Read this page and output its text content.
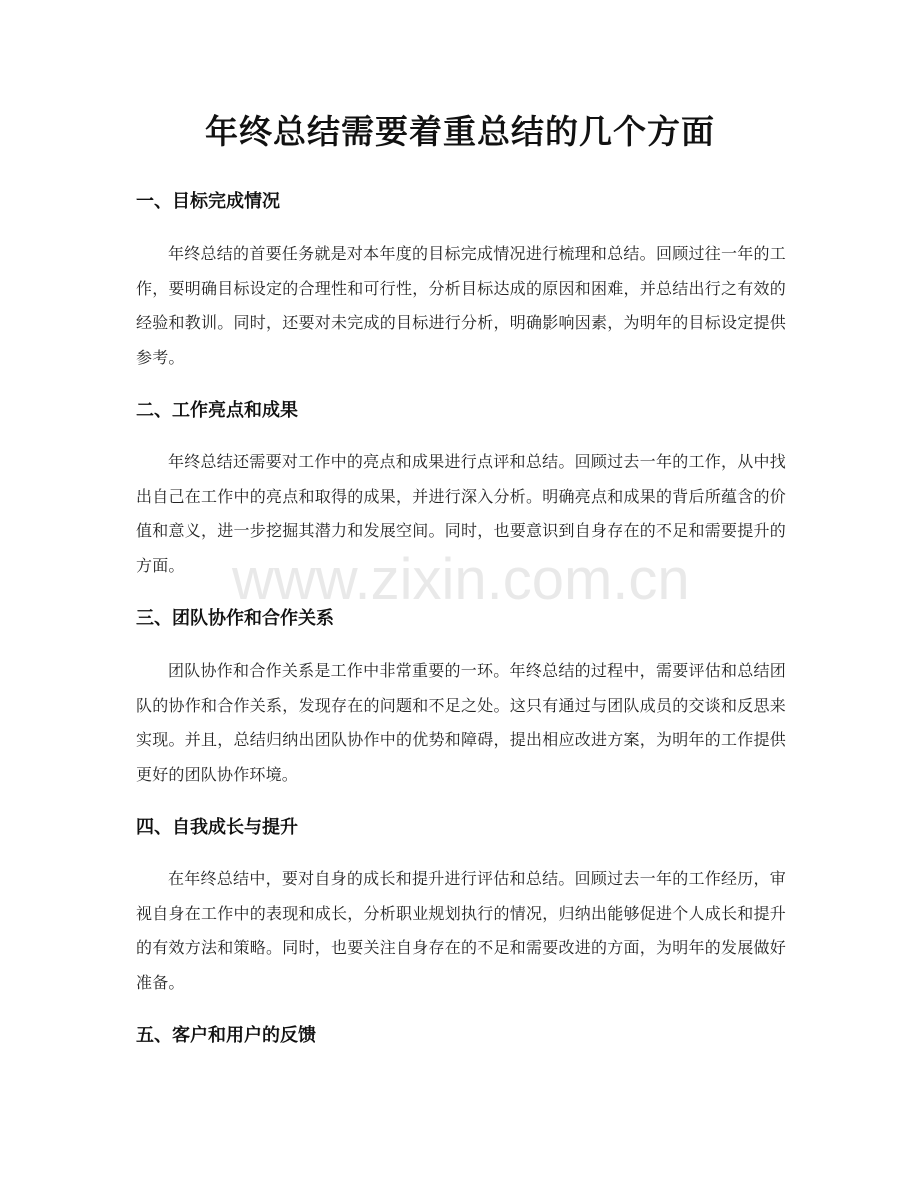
年终总结需要着重总结的几个方面
一、目标完成情况

年终总结的首要任务就是对本年度的目标完成情况进行梳理和总结。回顾过往一年的工作，要明确目标设定的合理性和可行性，分析目标达成的原因和困难，并总结出行之有效的经验和教训。同时，还要对未完成的目标进行分析，明确影响因素，为明年的目标设定提供参考。

二、工作亮点和成果

年终总结还需要对工作中的亮点和成果进行点评和总结。回顾过去一年的工作，从中找出自己在工作中的亮点和取得的成果，并进行深入分析。明确亮点和成果的背后所蕴含的价值和意义，进一步挖掘其潜力和发展空间。同时，也要意识到自身存在的不足和需要提升的方面。

三、团队协作和合作关系

团队协作和合作关系是工作中非常重要的一环。年终总结的过程中，需要评估和总结团队的协作和合作关系，发现存在的问题和不足之处。这只有通过与团队成员的交谈和反思来实现。并且，总结归纳出团队协作中的优势和障碍，提出相应改进方案，为明年的工作提供更好的团队协作环境。

四、自我成长与提升

在年终总结中，要对自身的成长和提升进行评估和总结。回顾过去一年的工作经历，审视自身在工作中的表现和成长，分析职业规划执行的情况，归纳出能够促进个人成长和提升的有效方法和策略。同时，也要关注自身存在的不足和需要改进的方面，为明年的发展做好准备。

五、客户和用户的反馈
www.zixin.com.cn
